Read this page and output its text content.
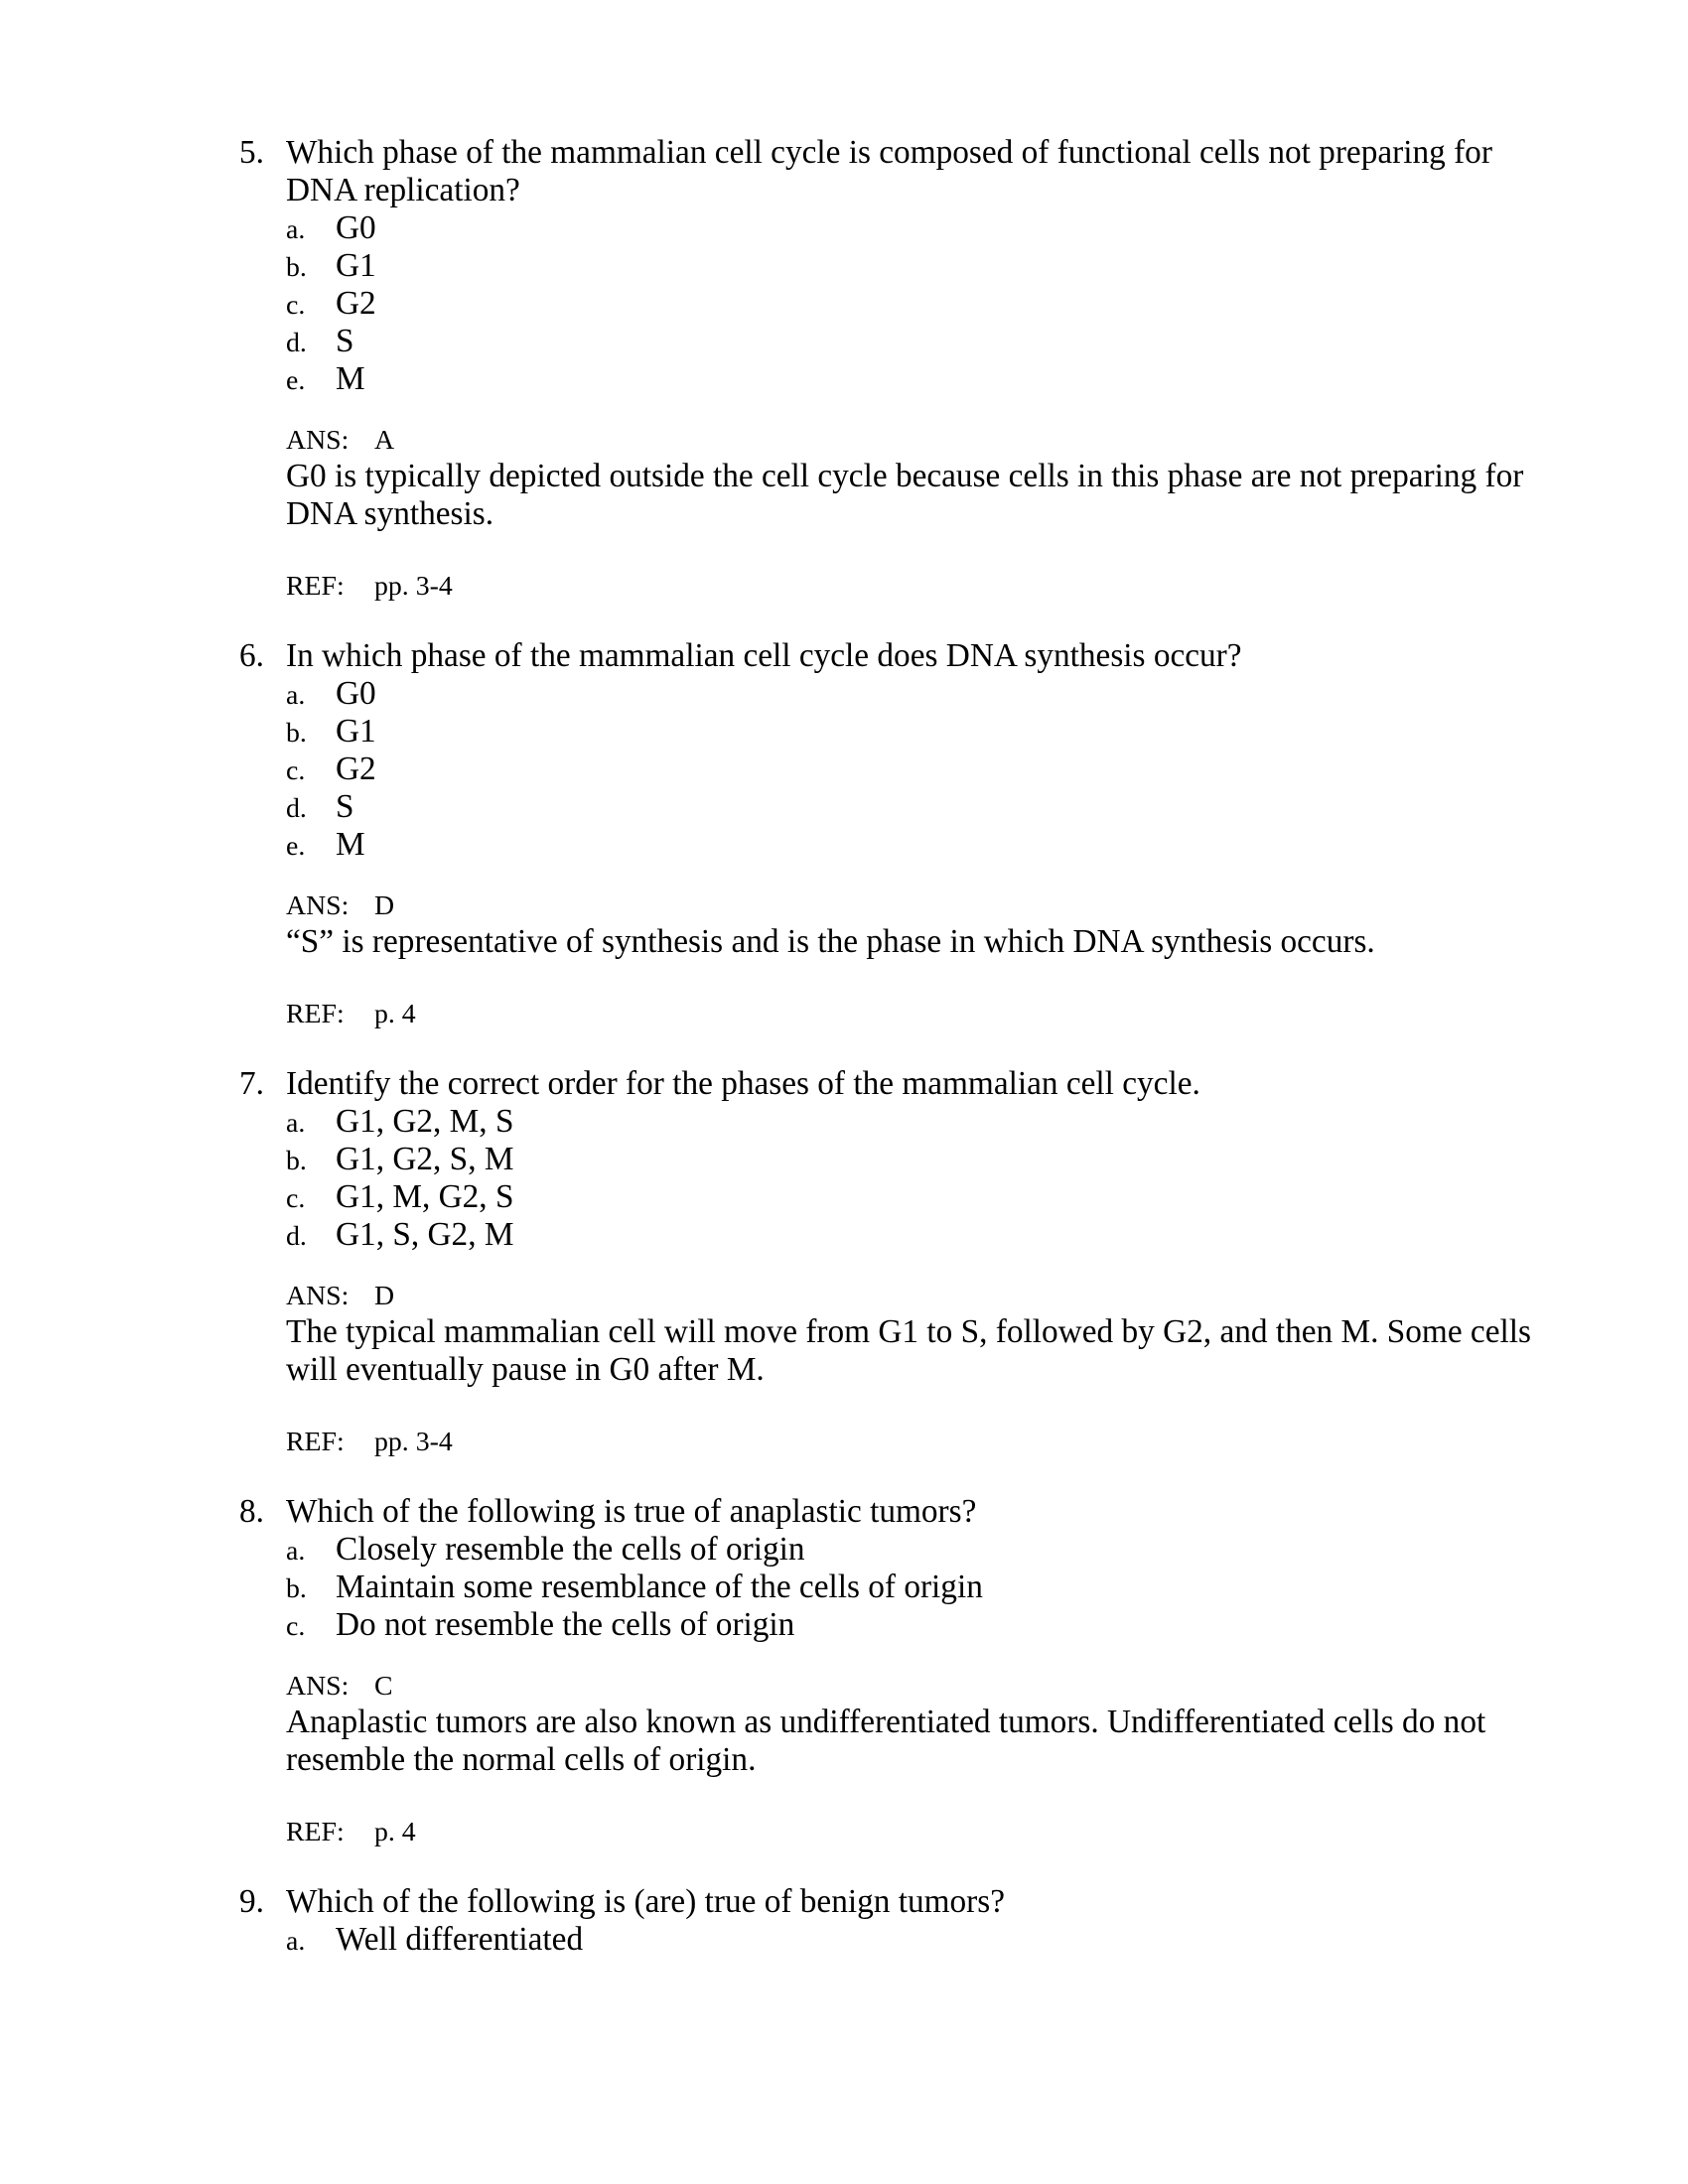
5. Which phase of the mammalian cell cycle is composed of functional cells not preparing for DNA replication?
a. G0
b. G1
c. G2
d. S
e. M
ANS: A
G0 is typically depicted outside the cell cycle because cells in this phase are not preparing for DNA synthesis.
REF: pp. 3-4
6. In which phase of the mammalian cell cycle does DNA synthesis occur?
a. G0
b. G1
c. G2
d. S
e. M
ANS: D
“S” is representative of synthesis and is the phase in which DNA synthesis occurs.
REF: p. 4
7. Identify the correct order for the phases of the mammalian cell cycle.
a. G1, G2, M, S
b. G1, G2, S, M
c. G1, M, G2, S
d. G1, S, G2, M
ANS: D
The typical mammalian cell will move from G1 to S, followed by G2, and then M. Some cells will eventually pause in G0 after M.
REF: pp. 3-4
8. Which of the following is true of anaplastic tumors?
a. Closely resemble the cells of origin
b. Maintain some resemblance of the cells of origin
c. Do not resemble the cells of origin
ANS: C
Anaplastic tumors are also known as undifferentiated tumors. Undifferentiated cells do not resemble the normal cells of origin.
REF: p. 4
9. Which of the following is (are) true of benign tumors?
a. Well differentiated
